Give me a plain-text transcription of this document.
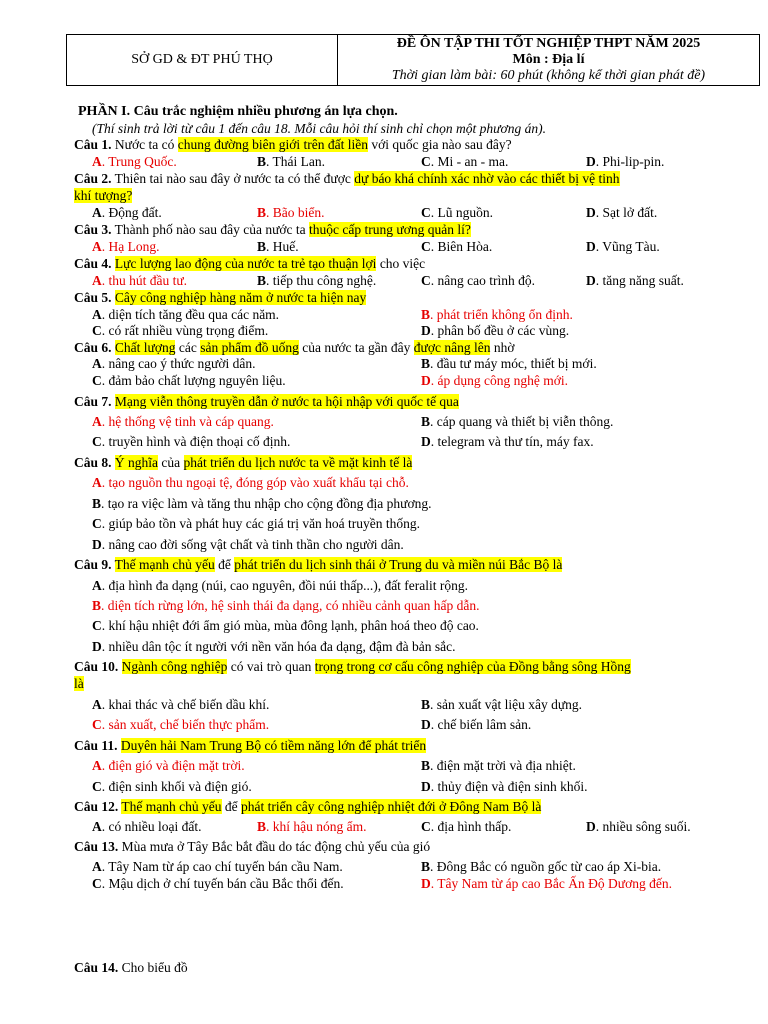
SỞ GD & ĐT PHÚ THỌ
ĐỀ ÔN TẬP THI TỐT NGHIỆP THPT NĂM 2025
Môn : Địa lí
Thời gian làm bài: 60 phút (không kể thời gian phát đề)
PHẦN I. Câu trắc nghiệm nhiều phương án lựa chọn.
(Thí sinh trả lời từ câu 1 đến câu 18. Mỗi câu hỏi thí sinh chỉ chọn một phương án).
Câu 1. Nước ta có chung đường biên giới trên đất liền với quốc gia nào sau đây?
A. Trung Quốc.	B. Thái Lan.	C. Mi - an - ma.	D. Phi-lip-pin.
Câu 2. Thiên tai nào sau đây ở nước ta có thể được dự báo khá chính xác nhờ vào các thiết bị vệ tinh
khí tượng?
A. Động đất.	B. Bão biển.	C. Lũ nguồn.	D. Sạt lở đất.
Câu 3. Thành phố nào sau đây của nước ta thuộc cấp trung ương quản lí?
A. Hạ Long.	B. Huế.	C. Biên Hòa.	D. Vũng Tàu.
Câu 4. Lực lượng lao động của nước ta trẻ tạo thuận lợi cho việc
A. thu hút đầu tư.	B. tiếp thu công nghệ.	C. nâng cao trình độ.	D. tăng năng suất.
Câu 5. Cây công nghiệp hàng năm ở nước ta hiện nay
A. diện tích tăng đều qua các năm.	B. phát triển không ổn định.
C. có rất nhiều vùng trọng điểm.	D. phân bố đều ở các vùng.
Câu 6. Chất lượng các sản phẩm đồ uống của nước ta gần đây được nâng lên nhờ
A. nâng cao ý thức người dân.	B. đầu tư máy móc, thiết bị mới.
C. đảm bảo chất lượng nguyên liệu.	D. áp dụng công nghệ mới.
Câu 7. Mạng viễn thông truyền dẫn ở nước ta hội nhập với quốc tế qua
A. hệ thống vệ tinh và cáp quang.	B. cáp quang và thiết bị viễn thông.
C. truyền hình và điện thoại cố định.	D. telegram và thư tín, máy fax.
Câu 8. Ý nghĩa của phát triển du lịch nước ta về mặt kinh tế là
A. tạo nguồn thu ngoại tệ, đóng góp vào xuất khẩu tại chỗ.
B. tạo ra việc làm và tăng thu nhập cho cộng đồng địa phương.
C. giúp bảo tồn và phát huy các giá trị văn hoá truyền thống.
D. nâng cao đời sống vật chất và tinh thần cho người dân.
Câu 9. Thế mạnh chủ yếu để phát triển du lịch sinh thái ở Trung du và miền núi Bắc Bộ là
A. địa hình đa dạng (núi, cao nguyên, đồi núi thấp...), đất feralit rộng.
B. diện tích rừng lớn, hệ sinh thái đa dạng, có nhiều cảnh quan hấp dẫn.
C. khí hậu nhiệt đới ẩm gió mùa, mùa đông lạnh, phân hoá theo độ cao.
D. nhiều dân tộc ít người với nền văn hóa đa dạng, đậm đà bản sắc.
Câu 10. Ngành công nghiệp có vai trò quan trọng trong cơ cấu công nghiệp của Đồng bằng sông Hồng
là
A. khai thác và chế biến dầu khí.	B. sản xuất vật liệu xây dựng.
C. sản xuất, chế biến thực phẩm.	D. chế biến lâm sản.
Câu 11. Duyên hải Nam Trung Bộ có tiềm năng lớn để phát triển
A. điện gió và điện mặt trời.	B. điện mặt trời và địa nhiệt.
C. điện sinh khối và điện gió.	D. thủy điện và điện sinh khối.
Câu 12. Thế mạnh chủ yếu để phát triển cây công nghiệp nhiệt đới ở Đông Nam Bộ là
A. có nhiều loại đất.	B. khí hậu nóng ẩm.	C. địa hình thấp.	D. nhiều sông suối.
Câu 13. Mùa mưa ở Tây Bắc bắt đầu do tác động chủ yếu của gió
A. Tây Nam từ áp cao chí tuyến bán cầu Nam.	B. Đông Bắc có nguồn gốc từ cao áp Xi-bia.
C. Mậu dịch ở chí tuyến bán cầu Bắc thổi đến.	D. Tây Nam từ áp cao Bắc Ấn Độ Dương đến.
Câu 14. Cho biểu đồ
